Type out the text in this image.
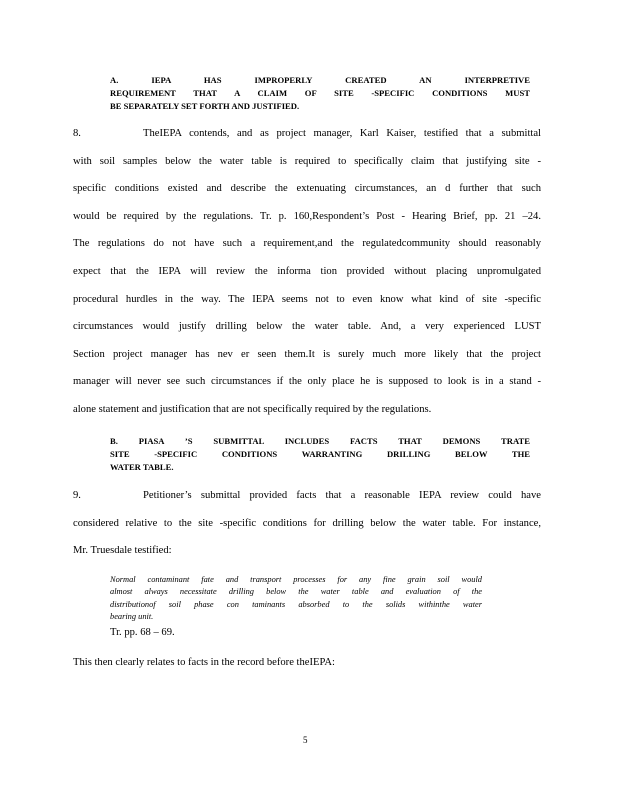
A. IEPA HAS IMPROPERLY CREATED AN INTERPRETIVE
REQUIREMENT THAT A CLAIM OF SITE -SPECIFIC CONDITIONS MUST
BE SEPARATELY SET FORTH AND JUSTIFIED.
8.	TheIEPA contends, and as project manager, Karl Kaiser, testified that a submittal
with soil samples below the water table is required to specifically claim that justifying site -
specific conditions existed and describe the extenuating circumstances, an d further that such
would be required by the regulations. Tr. p. 160,Respondent’s Post - Hearing Brief, pp. 21 –24.
The regulations do not have such a requirement,and the regulatedcommunity should reasonably
expect that the IEPA will review the informa tion provided without placing unpromulgated
procedural hurdles in the way. The IEPA seems not to even know what kind of site -specific
circumstances would justify drilling below the water table. And, a very experienced LUST
Section project manager has nev er seen them.It is surely much more likely that the project
manager will never see such circumstances if the only place he is supposed to look is in a stand -
alone statement and justification that are not specifically required by the regulations.
B. PIASA ’S SUBMITTAL INCLUDES FACTS THAT DEMONS TRATE
SITE -SPECIFIC CONDITIONS WARRANTING DRILLING BELOW THE
WATER TABLE.
9.	Petitioner’s submittal provided facts that a reasonable IEPA review could have
considered relative to the site -specific conditions for drilling below the water table. For instance,
Mr. Truesdale testified:
Normal contaminant fate and transport processes for any fine grain soil would
almost always necessitate drilling below the water table and evaluation of the
distributionof soil phase con taminants absorbed to the solids withinthe water
bearing unit.
Tr. pp. 68 – 69.
This then clearly relates to facts in the record before theIEPA:
5
